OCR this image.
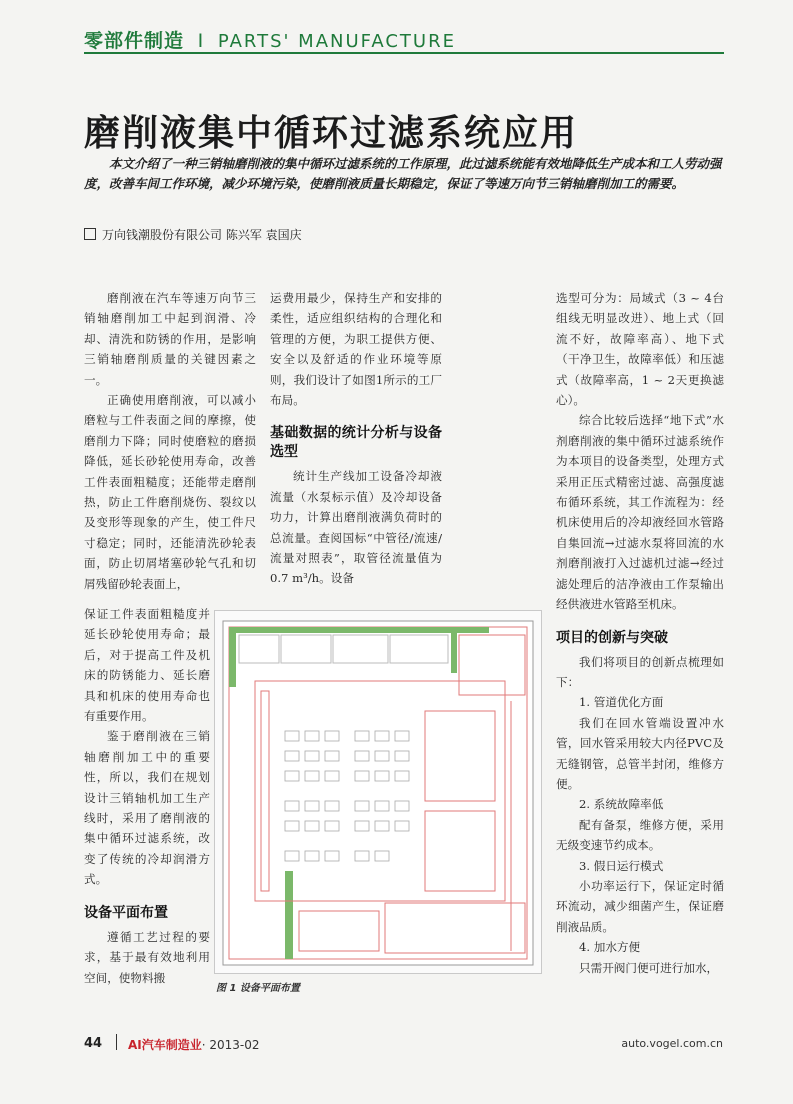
零部件制造 I PARTS' MANUFACTURE
磨削液集中循环过滤系统应用
本文介绍了一种三销轴磨削液的集中循环过滤系统的工作原理，此过滤系统能有效地降低生产成本和工人劳动强度，改善车间工作环境，减少环境污染，使磨削液质量长期稳定，保证了等速万向节三销轴磨削加工的需要。
万向钱潮股份有限公司 陈兴军 袁国庆

磨削液在汽车等速万向节三销轴磨削加工中起到润滑、冷却、清洗和防锈的作用，是影响三销轴磨削质量的关键因素之一。

正确使用磨削液，可以减小磨粒与工件表面之间的摩擦，使磨削力下降；同时使磨粒的磨损降低，延长砂轮使用寿命，改善工件表面粗糙度；还能带走磨削热，防止工件磨削烧伤、裂纹以及变形等现象的产生，使工件尺寸稳定；同时，还能清洗砂轮表面，防止切屑堵塞砂轮气孔和切屑残留砂轮表面上，

保证工件表面粗糙度并延长砂轮使用寿命；最后，对于提高工件及机床的防锈能力、延长磨具和机床的使用寿命也有重要作用。

鉴于磨削液在三销轴磨削加工中的重要性，所以，我们在规划设计三销轴机加工生产线时，采用了磨削液的集中循环过滤系统，改变了传统的冷却润滑方式。

设备平面布置

遵循工艺过程的要求，基于最有效地利用空间，使物料搬

运费用最少，保持生产和安排的柔性，适应组织结构的合理化和管理的方便，为职工提供方便、安全以及舒适的作业环境等原则，我们设计了如图1所示的工厂布局。

基础数据的统计分析与设备选型

统计生产线加工设备冷却液流量（水泵标示值）及冷却设备功力，计算出磨削液满负荷时的总流量。查阅国标“中管径/流速/流量对照表”，取管径流量值为 0.7 m³/h。设备

选型可分为：局域式（3 ~ 4台组线无明显改进）、地上式（回流不好，故障率高）、地下式（干净卫生，故障率低）和压滤式（故障率高，1 ~ 2天更换滤心）。

综合比较后选择“地下式”水剂磨削液的集中循环过滤系统作为本项目的设备类型，处理方式采用正压式精密过滤、高强度滤布循环系统，其工作流程为：经机床使用后的冷却液经回水管路自集回流→过滤水泵将回流的水剂磨削液打入过滤机过滤→经过滤处理后的洁净液由工作泵输出经供液进水管路至机床。

项目的创新与突破

我们将项目的创新点梳理如下：

1. 管道优化方面

我们在回水管端设置冲水管，回水管采用较大内径PVC及无缝钢管，总管半封闭，维修方便。

2. 系统故障率低

配有备泵，维修方便，采用无级变速节约成本。

3. 假日运行模式

小功率运行下，保证定时循环流动，减少细菌产生，保证磨削液品质。

4. 加水方便

只需开阀门便可进行加水，

图 1 设备平面布置
44 AI汽车制造业· 2013-02	auto.vogel.com.cn
